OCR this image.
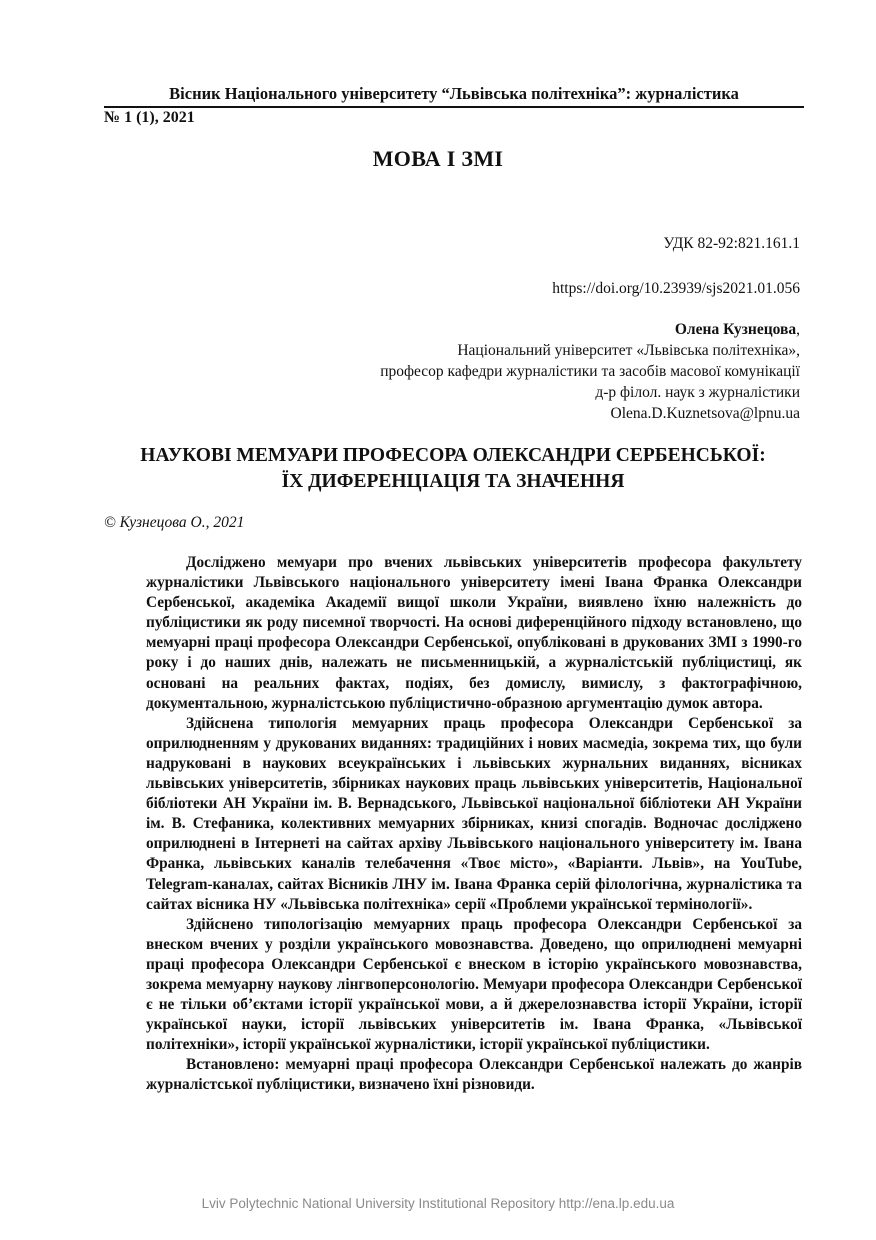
Вісник Національного університету “Львівська політехніка”: журналістика
№ 1 (1), 2021
МОВА І ЗМІ
УДК 82-92:821.161.1
https://doi.org/10.23939/sjs2021.01.056
Олена Кузнецова,
Національний університет «Львівська політехніка»,
професор кафедри журналістики та засобів масової комунікації
д-р філол. наук з журналістики
Olena.D.Kuznetsova@lpnu.ua
НАУКОВІ МЕМУАРИ ПРОФЕСОРА ОЛЕКСАНДРИ СЕРБЕНСЬКОЇ:
ЇХ ДИФЕРЕНЦІАЦІЯ ТА ЗНАЧЕННЯ
© Кузнецова О., 2021

Досліджено мемуари про вчених львівських університетів професора факультету журналістики Львівського національного університету імені Івана Франка Олександри Сербенської, академіка Академії вищої школи України, виявлено їхню належність до публіцистики як роду писемної творчості. На основі диференційного підходу встановлено, що мемуарні праці професора Олександри Сербенської, опубліковані в друкованих ЗМІ з 1990-го року і до наших днів, належать не письменницькій, а журналістській публіцистиці, як основані на реальних фактах, подіях, без домислу, вимислу, з фактографічною, документальною, журналістською публіцистично-образною аргументацію думок автора.

Здійснена типологія мемуарних праць професора Олександри Сербенської за оприлюдненням у друкованих виданнях: традиційних і нових масмедіа, зокрема тих, що були надруковані в наукових всеукраїнських і львівських журнальних виданнях, вісниках львівських університетів, збірниках наукових праць львівських університетів, Національної бібліотеки АН України ім. В. Вернадського, Львівської національної бібліотеки АН України ім. В. Стефаника, колективних мемуарних збірниках, книзі спогадів. Водночас досліджено оприлюднені в Інтернеті на сайтах архіву Львівського національного університету ім. Івана Франка, львівських каналів телебачення «Твоє місто», «Варіанти. Львів», на YouTube, Telegram-каналах, сайтах Вісників ЛНУ ім. Івана Франка серій філологічна, журналістика та сайтах вісника НУ «Львівська політехніка» серії «Проблеми української термінології».

Здійснено типологізацію мемуарних праць професора Олександри Сербенської за внеском вчених у розділи українського мовознавства. Доведено, що оприлюднені мемуарні праці професора Олександри Сербенської є внеском в історію українського мовознавства, зокрема мемуарну наукову лінгвоперсонологію. Мемуари професора Олександри Сербенської є не тільки об’єктами історії української мови, а й джерелознавства історії України, історії української науки, історії львівських університетів ім. Івана Франка, «Львівської політехніки», історії української журналістики, історії української публіцистики.

Встановлено: мемуарні праці професора Олександри Сербенської належать до жанрів журналістської публіцистики, визначено їхні різновиди.

Lviv Polytechnic National University Institutional Repository http://ena.lp.edu.ua
